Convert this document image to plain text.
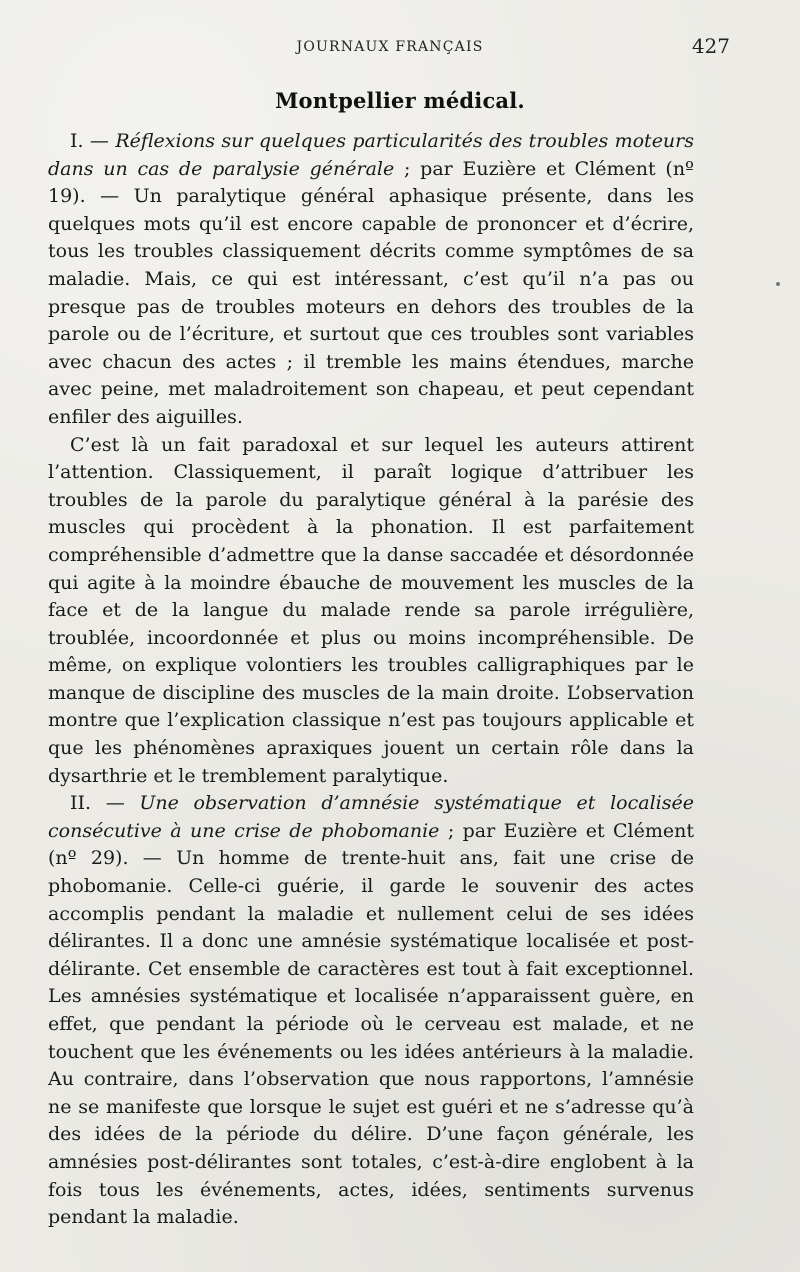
JOURNAUX FRANÇAIS	427
Montpellier médical.

I. — Réflexions sur quelques particularités des troubles moteurs dans un cas de paralysie générale ; par Euzière et Clément (nº 19). — Un paralytique général aphasique présente, dans les quelques mots qu’il est encore capable de prononcer et d’écrire, tous les troubles classiquement décrits comme symptômes de sa maladie. Mais, ce qui est intéressant, c’est qu’il n’a pas ou presque pas de troubles moteurs en dehors des troubles de la parole ou de l’écriture, et surtout que ces troubles sont variables avec chacun des actes ; il tremble les mains étendues, marche avec peine, met maladroitement son chapeau, et peut cependant enfiler des aiguilles.

C’est là un fait paradoxal et sur lequel les auteurs attirent l’attention. Classiquement, il paraît logique d’attribuer les troubles de la parole du paralytique général à la parésie des muscles qui procèdent à la phonation. Il est parfaitement compréhensible d’admettre que la danse saccadée et désordonnée qui agite à la moindre ébauche de mouvement les muscles de la face et de la langue du malade rende sa parole irrégulière, troublée, incoordonnée et plus ou moins incompréhensible. De même, on explique volontiers les troubles calligraphiques par le manque de discipline des muscles de la main droite. L’observation montre que l’explication classique n’est pas toujours applicable et que les phénomènes apraxiques jouent un certain rôle dans la dysarthrie et le tremblement paralytique.

II. — Une observation d’amnésie systématique et localisée consécutive à une crise de phobomanie ; par Euzière et Clément (nº 29). — Un homme de trente-huit ans, fait une crise de phobomanie. Celle-ci guérie, il garde le souvenir des actes accomplis pendant la maladie et nullement celui de ses idées délirantes. Il a donc une amnésie systématique localisée et post-délirante. Cet ensemble de caractères est tout à fait exceptionnel. Les amnésies systématique et localisée n’apparaissent guère, en effet, que pendant la période où le cerveau est malade, et ne touchent que les événements ou les idées antérieurs à la maladie. Au contraire, dans l’observation que nous rapportons, l’amnésie ne se manifeste que lorsque le sujet est guéri et ne s’adresse qu’à des idées de la période du délire. D’une façon générale, les amnésies post-délirantes sont totales, c’est-à-dire englobent à la fois tous les événements, actes, idées, sentiments survenus pendant la maladie.
